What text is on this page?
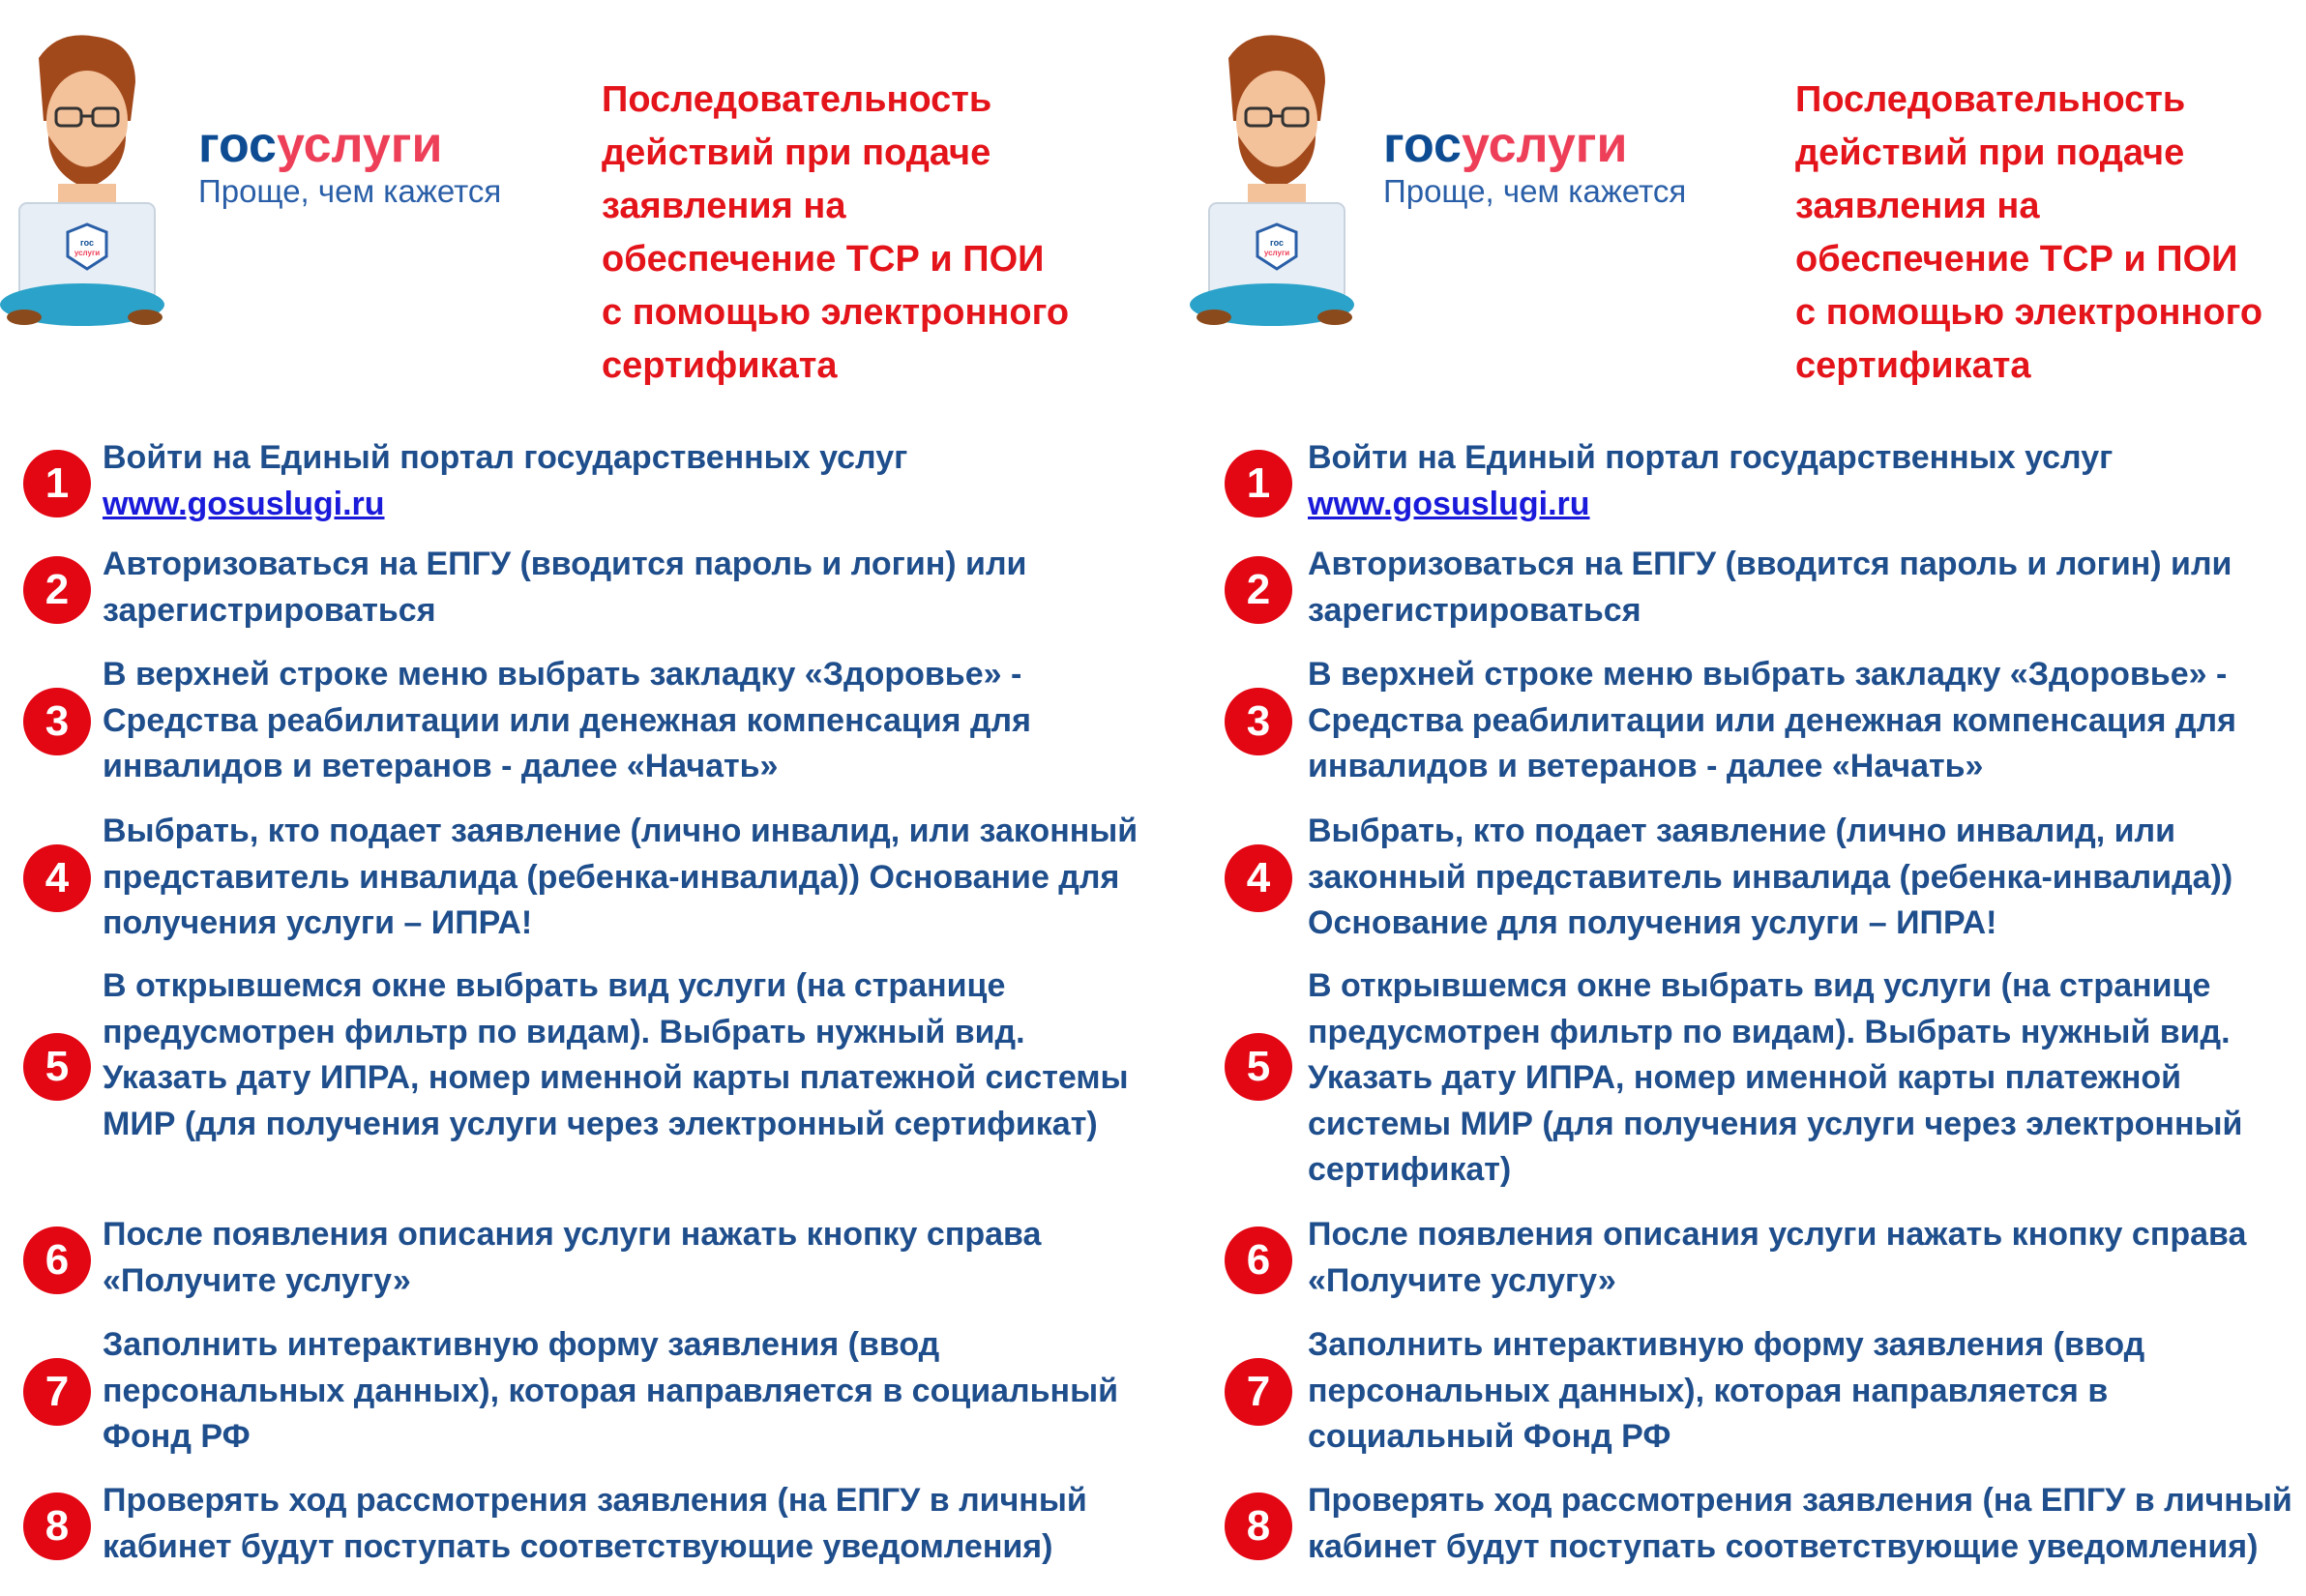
гос
услуги
госуслуги
Проще, чем кажется
Последовательность
действий при подаче
заявления на
обеспечение ТСР и ПОИ
с помощью электронного
сертификата
1
Войти на Единый портал государственных услуг
www.gosuslugi.ru
2
Авторизоваться на ЕПГУ (вводится пароль и логин) или зарегистрироваться
3
В верхней строке меню выбрать закладку «Здоровье» - Средства реабилитации или денежная компенсация для инвалидов и ветеранов - далее «Начать»
4
Выбрать, кто подает заявление (лично инвалид, или законный представитель инвалида (ребенка-инвалида)) Основание для получения услуги – ИПРА!
5
В открывшемся окне выбрать вид услуги (на странице предусмотрен фильтр по видам). Выбрать нужный вид. Указать дату ИПРА, номер именной карты платежной системы МИР (для получения услуги через электронный сертификат)
6
После появления описания услуги нажать кнопку справа «Получите услугу»
7
Заполнить интерактивную форму заявления (ввод персональных данных), которая направляется в социальный Фонд РФ
8
Проверять ход рассмотрения заявления (на ЕПГУ в личный кабинет будут поступать соответствующие уведомления)
гос
услуги
госуслуги
Проще, чем кажется
Последовательность
действий при подаче
заявления на
обеспечение ТСР и ПОИ
с помощью электронного
сертификата
1
Войти на Единый портал государственных услуг
www.gosuslugi.ru
2
Авторизоваться на ЕПГУ (вводится пароль и логин) или зарегистрироваться
3
В верхней строке меню выбрать закладку «Здоровье» - Средства реабилитации или денежная компенсация для инвалидов и ветеранов - далее «Начать»
4
Выбрать, кто подает заявление (лично инвалид, или законный представитель инвалида (ребенка-инвалида)) Основание для получения услуги – ИПРА!
5
В открывшемся окне выбрать вид услуги (на странице предусмотрен фильтр по видам). Выбрать нужный вид. Указать дату ИПРА, номер именной карты платежной системы МИР (для получения услуги через электронный сертификат)
6
После появления описания услуги нажать кнопку справа «Получите услугу»
7
Заполнить интерактивную форму заявления (ввод персональных данных), которая направляется в социальный Фонд РФ
8
Проверять ход рассмотрения заявления (на ЕПГУ в личный кабинет будут поступать соответствующие уведомления)
